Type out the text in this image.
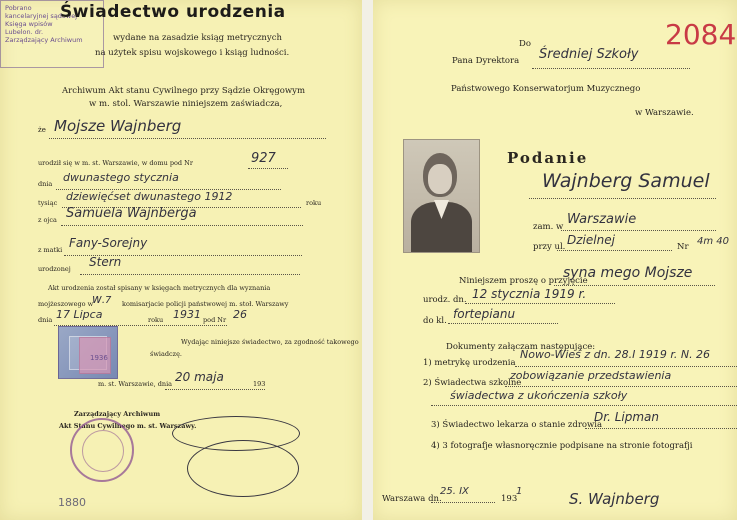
Pobrano
kancelaryjnej sądowej
Księga wpisów
Lubelon. dr.
Zarządzający Archiwum
Świadectwo urodzenia
wydane na zasadzie ksiąg metrycznych
na użytek spisu wojskowego i ksiąg ludności.
Archiwum Akt stanu Cywilnego przy Sądzie Okręgowym
w m. stol. Warszawie niniejszem zaświadcza,
że Mojsze Wajnberg
urodził się w m. st. Warszawie, w domu pod Nr	927
dnia dwunastego stycznia
tysiąc dziewięćset dwunastego 1912	roku
z ojca Samuela Wajnberga
z matki Fany-Sorejny
urodzonej Stern
Akt urodzenia został spisany w księgach metrycznych dla wyznania
mojżeszowego w
w.7 komisarjacie policji państwowej m. stoł. Warszawy
dnia 17 Lipca	roku 1931 pod Nr 26
1936
Wydając niniejsze świadectwo, za zgodność takowego
świadczę.
m. st. Warszawie, dnia 20 maja	193
Zarządzający Archiwum
Akt Stanu Cywilnego m. st. Warszawy.
1880
2084
Do
Pana Dyrektora Średniej Szkoły
Państwowego Konserwatorjum Muzycznego
w Warszawie.
Podanie
Wajnberg Samuel
zam. w Warszawie
przy ul. Dzielnej	Nr 4m 40
Niniejszem proszę o przyjęcie
syna mego Mojsze
urodz. dn. 12 stycznia 1919 r.
do kl. fortepianu
Dokumenty załączam następujące:
1) metrykę urodzenia
Nowo-Wieś z dn. 28.I 1919 r. N. 26
2) Świadectwa szkolne
zobowiązanie przedstawienia
świadectwa z ukończenia szkoły
3) Świadectwo lekarza o stanie zdrowia
Dr. Lipman
4) 3 fotografje własnoręcznie podpisane na stronie fotografji
Warszawa dn.
25. IX
193
1	S. Wajnberg
